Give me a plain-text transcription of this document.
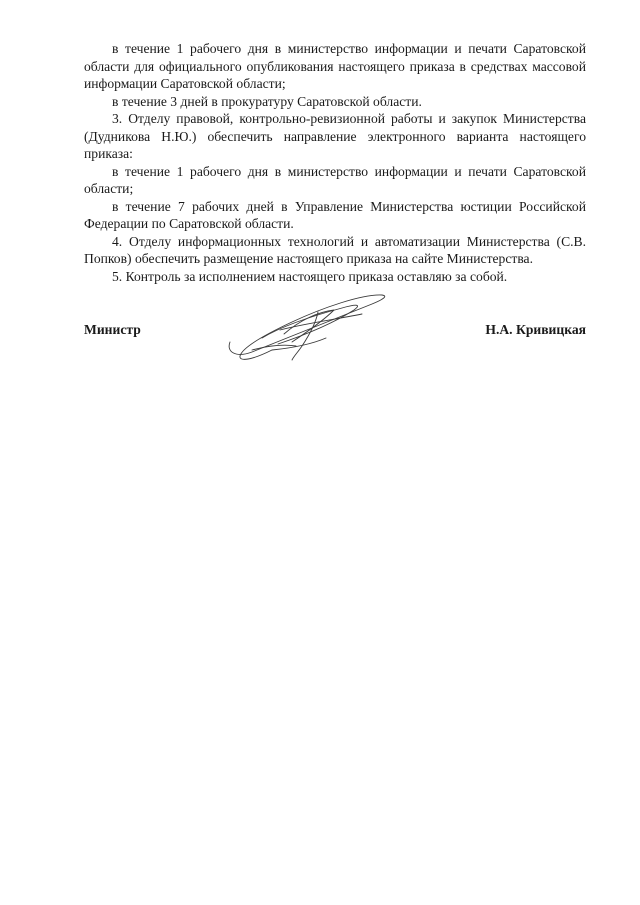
в течение 1 рабочего дня в министерство информации и печати Саратовской области для официального опубликования настоящего приказа в средствах массовой информации Саратовской области;

в течение 3 дней в прокуратуру Саратовской области.

3. Отделу правовой, контрольно-ревизионной работы и закупок Министерства (Дудникова Н.Ю.) обеспечить направление электронного варианта настоящего приказа:

в течение 1 рабочего дня в министерство информации и печати Саратовской области;

в течение 7 рабочих дней в Управление Министерства юстиции Российской Федерации по Саратовской области.

4. Отделу информационных технологий и автоматизации Министерства (С.В. Попков) обеспечить размещение настоящего приказа на сайте Министерства.

5. Контроль за исполнением настоящего приказа оставляю за собой.

Министр	Н.А. Кривицкая
